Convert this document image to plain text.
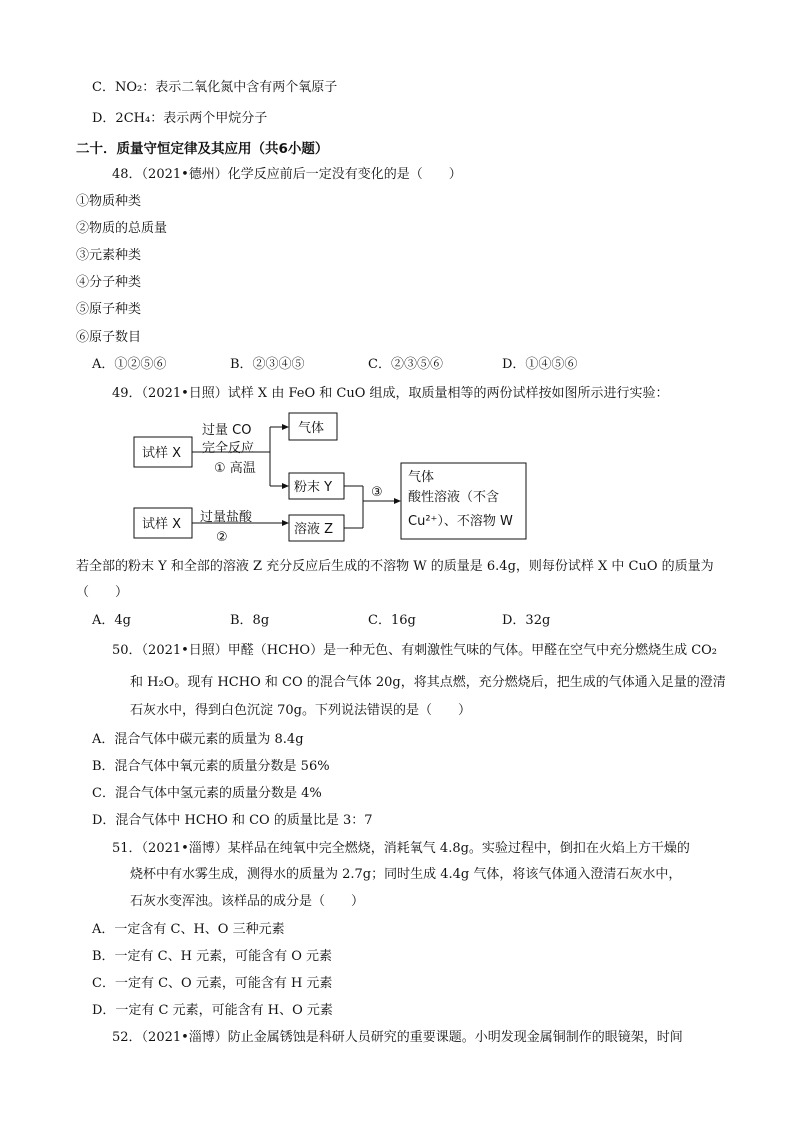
C．NO₂：表示二氧化氮中含有两个氧原子
D．2CH₄：表示两个甲烷分子
二十．质量守恒定律及其应用（共6小题）
48．（2021•德州）化学反应前后一定没有变化的是（　　）
①物质种类
②物质的总质量
③元素种类
④分子种类
⑤原子种类
⑥原子数目
A．①②⑤⑥	B．②③④⑤	C．②③⑤⑥	D．①④⑤⑥
49．（2021•日照）试样 X 由 FeO 和 CuO 组成，取质量相等的两份试样按如图所示进行实验：
试样 X
过量 CO
完全反应
① 高温
气体
粉末 Y
试样 X 过量盐酸
②
溶液 Z
③
气体
酸性溶液（不含
Cu²⁺）、不溶物 W
若全部的粉末 Y 和全部的溶液 Z 充分反应后生成的不溶物 W 的质量是 6.4g，则每份试样 X 中 CuO 的质量为
（　　）
A．4g	B．8g	C．16g	D．32g
50．（2021•日照）甲醛（HCHO）是一种无色、有刺激性气味的气体。甲醛在空气中充分燃烧生成 CO₂
和 H₂O。现有 HCHO 和 CO 的混合气体 20g，将其点燃，充分燃烧后，把生成的气体通入足量的澄清
石灰水中，得到白色沉淀 70g。下列说法错误的是（　　）
A．混合气体中碳元素的质量为 8.4g
B．混合气体中氧元素的质量分数是 56%
C．混合气体中氢元素的质量分数是 4%
D．混合气体中 HCHO 和 CO 的质量比是 3：7
51．（2021•淄博）某样品在纯氧中完全燃烧，消耗氧气 4.8g。实验过程中，倒扣在火焰上方干燥的
烧杯中有水雾生成，测得水的质量为 2.7g；同时生成 4.4g 气体，将该气体通入澄清石灰水中，
石灰水变浑浊。该样品的成分是（　　）
A．一定含有 C、H、O 三种元素
B．一定有 C、H 元素，可能含有 O 元素
C．一定有 C、O 元素，可能含有 H 元素
D．一定有 C 元素，可能含有 H、O 元素
52．（2021•淄博）防止金属锈蚀是科研人员研究的重要课题。小明发现金属铜制作的眼镜架，时间
